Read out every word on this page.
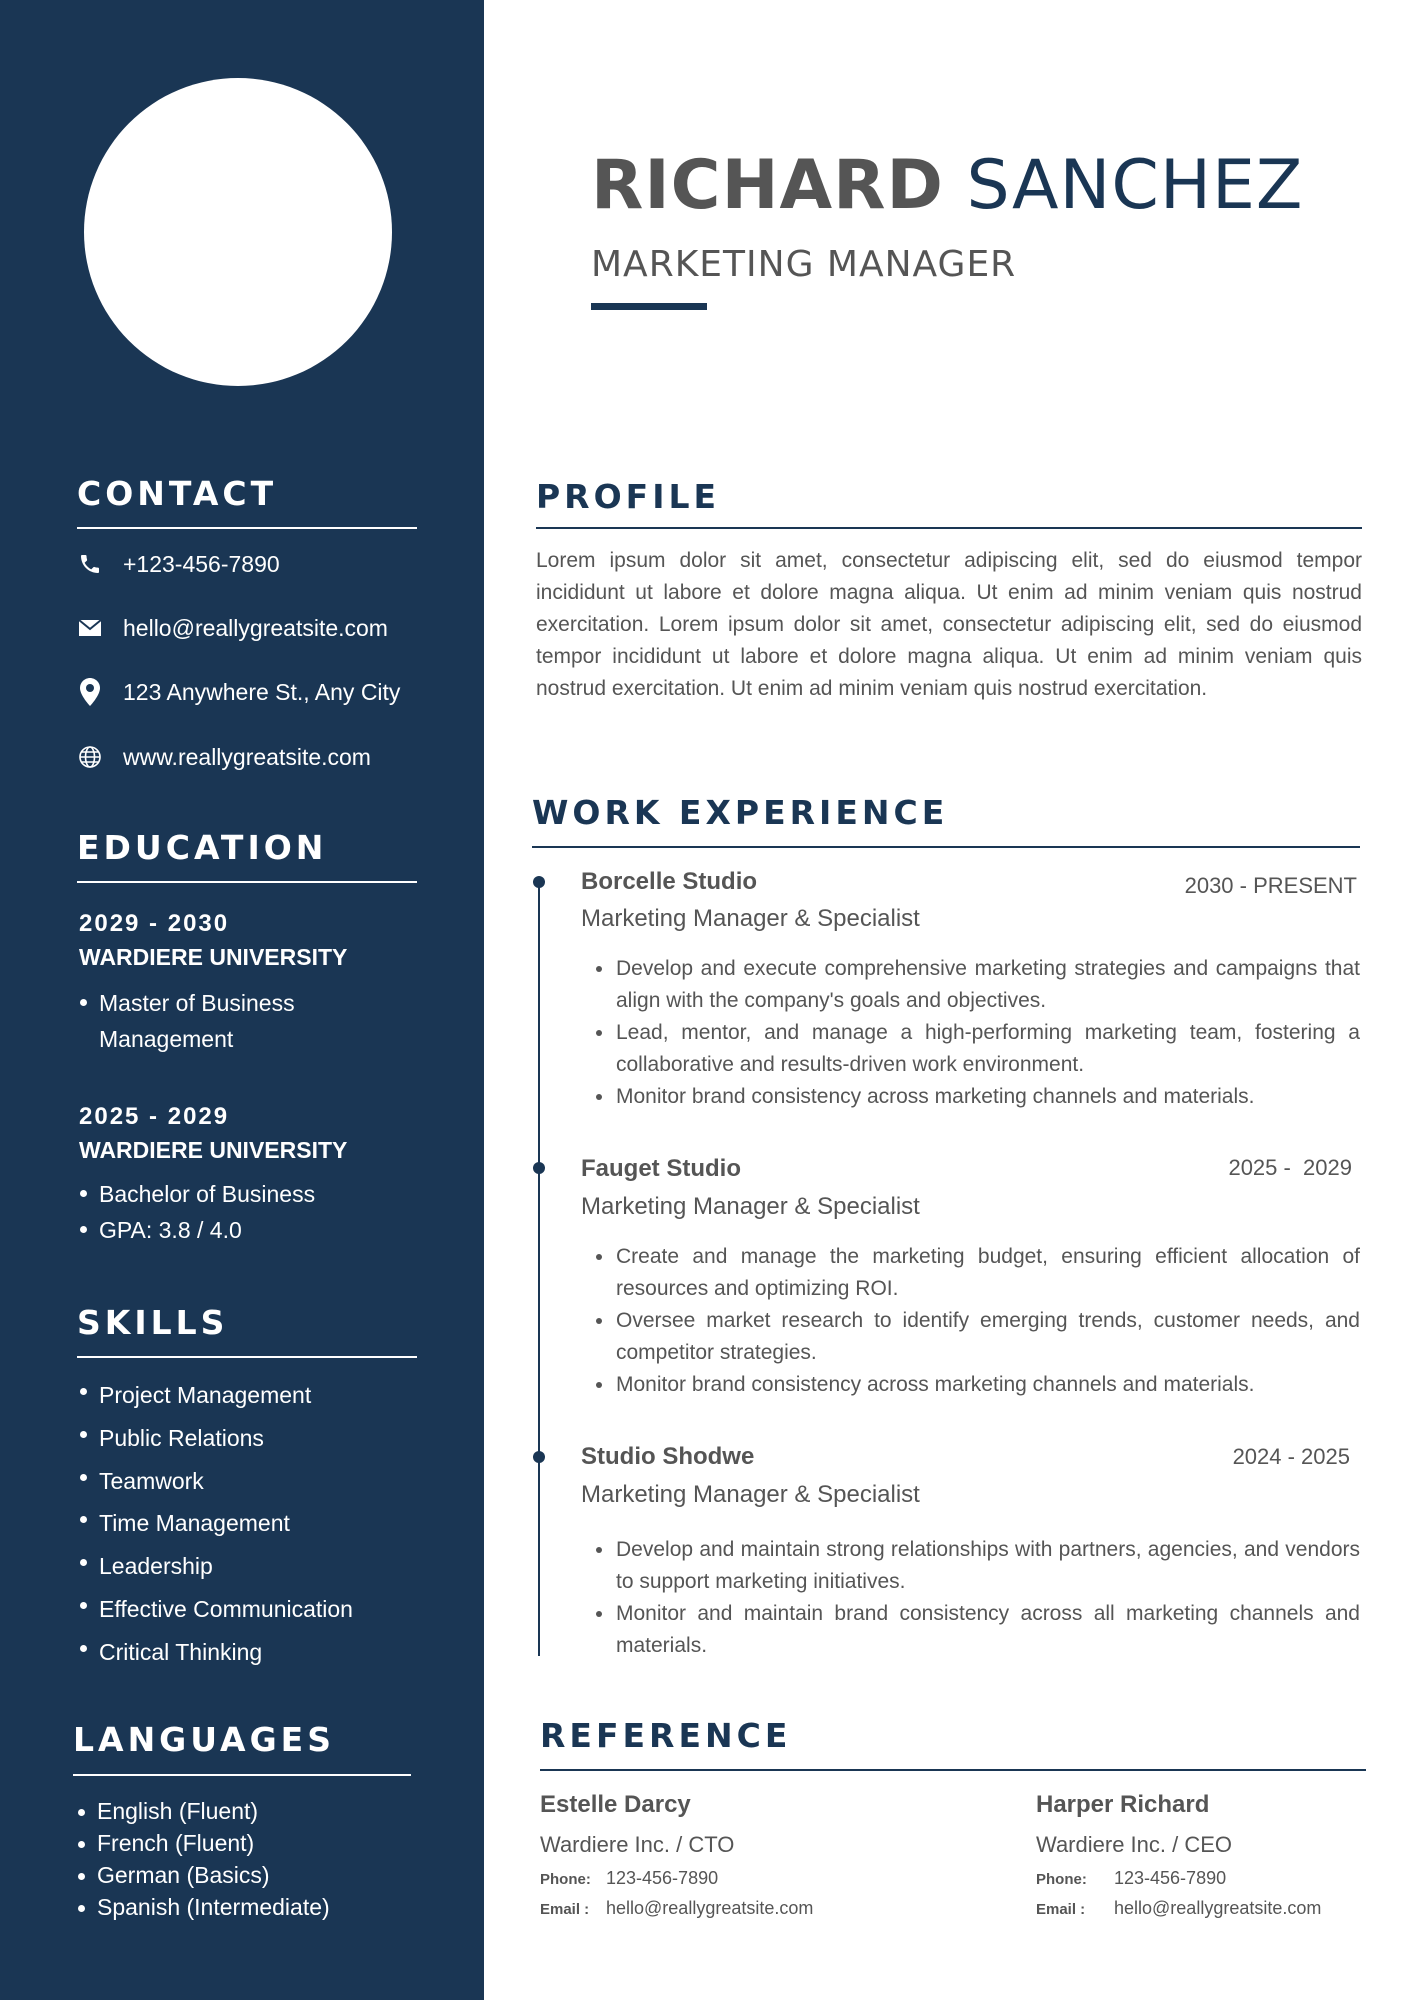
CONTACT
+123-456-7890
hello@reallygreatsite.com
123 Anywhere St., Any City
www.reallygreatsite.com
EDUCATION
2029 - 2030
WARDIERE UNIVERSITY
Master of Business Management
2025 - 2029
WARDIERE UNIVERSITY
Bachelor of Business
GPA: 3.8 / 4.0
SKILLS
Project Management
Public Relations
Teamwork
Time Management
Leadership
Effective Communication
Critical Thinking
LANGUAGES
English (Fluent)
French (Fluent)
German (Basics)
Spanish (Intermediate)
RICHARD SANCHEZ
MARKETING MANAGER
PROFILE
Lorem ipsum dolor sit amet, consectetur adipiscing elit, sed do eiusmod tempor incididunt ut labore et dolore magna aliqua. Ut enim ad minim veniam quis nostrud exercitation. Lorem ipsum dolor sit amet, consectetur adipiscing elit, sed do eiusmod tempor incididunt ut labore et dolore magna aliqua. Ut enim ad minim veniam quis nostrud exercitation. Ut enim ad minim veniam quis nostrud exercitation.
WORK EXPERIENCE
Borcelle Studio	2030 - PRESENT
Marketing Manager & Specialist
Develop and execute comprehensive marketing strategies and campaigns that align with the company's goals and objectives.
Lead, mentor, and manage a high-performing marketing team, fostering a collaborative and results-driven work environment.
Monitor brand consistency across marketing channels and materials.
Fauget Studio	2025 -  2029
Marketing Manager & Specialist
Create and manage the marketing budget, ensuring efficient allocation of resources and optimizing ROI.
Oversee market research to identify emerging trends, customer needs, and competitor strategies.
Monitor brand consistency across marketing channels and materials.
Studio Shodwe	2024 - 2025
Marketing Manager & Specialist
Develop and maintain strong relationships with partners, agencies, and vendors to support marketing initiatives.
Monitor and maintain brand consistency across all marketing channels and materials.
REFERENCE
Estelle Darcy
Wardiere Inc. / CTO
Phone: 123-456-7890
Email : hello@reallygreatsite.com
Harper Richard
Wardiere Inc. / CEO
Phone: 123-456-7890
Email : hello@reallygreatsite.com
